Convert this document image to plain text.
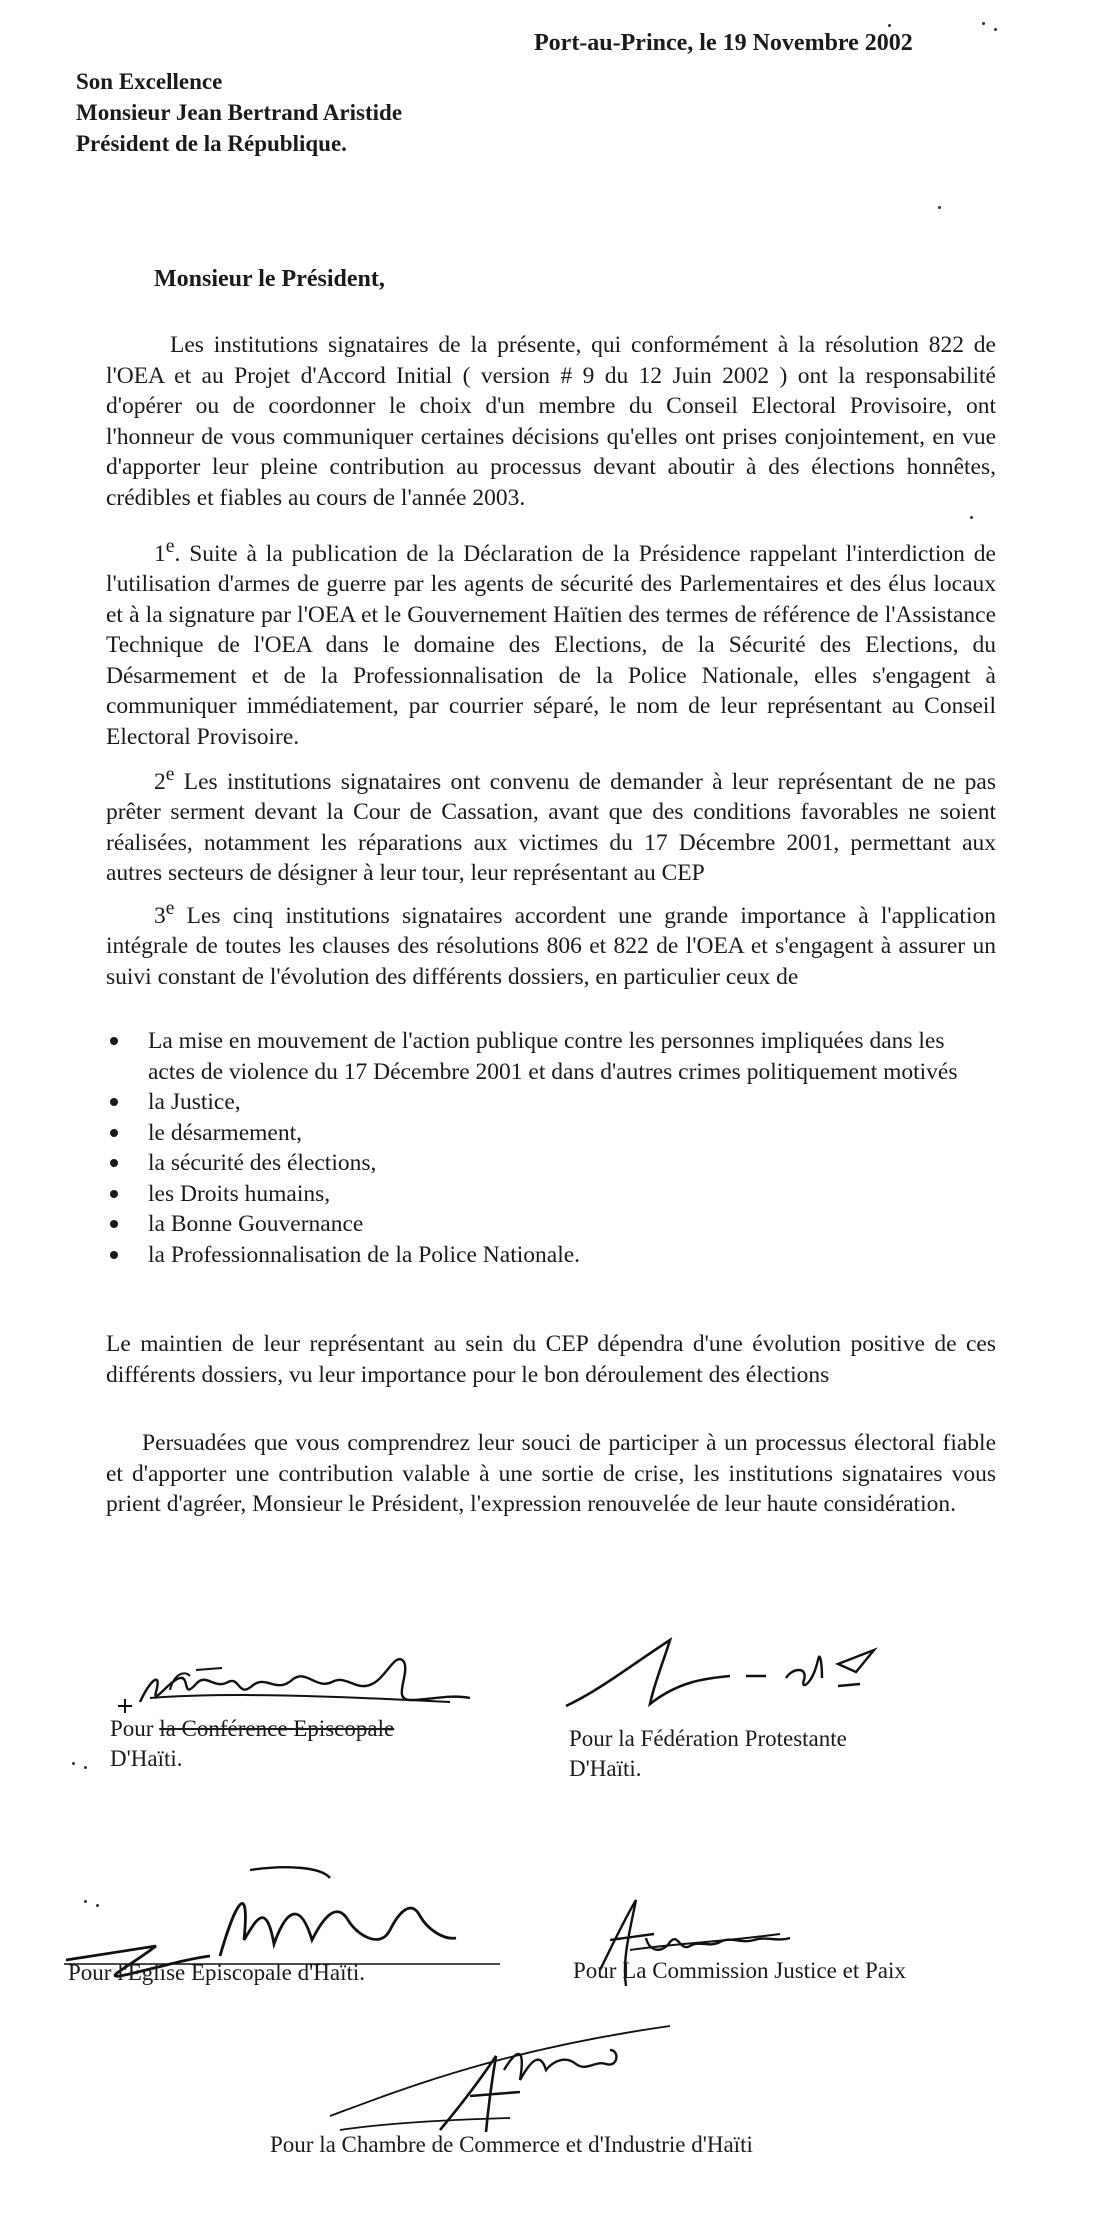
Port-au-Prince, le 19 Novembre 2002
Son Excellence
Monsieur Jean Bertrand Aristide
Président de la République.
Monsieur le Président,
Les institutions signataires de la présente, qui conformément à la résolution 822 de l'OEA et au Projet d'Accord Initial ( version # 9 du 12 Juin 2002 ) ont la responsabilité d'opérer ou de coordonner le choix d'un membre du Conseil Electoral Provisoire, ont l'honneur de vous communiquer certaines décisions qu'elles ont prises conjointement, en vue d'apporter leur pleine contribution au processus devant aboutir à des élections honnêtes, crédibles et fiables au cours de l'année 2003.
1e. Suite à la publication de la Déclaration de la Présidence rappelant l'interdiction de l'utilisation d'armes de guerre par les agents de sécurité des Parlementaires et des élus locaux et à la signature par l'OEA et le Gouvernement Haïtien des termes de référence de l'Assistance Technique de l'OEA dans le domaine des Elections, de la Sécurité des Elections, du Désarmement et de la Professionnalisation de la Police Nationale, elles s'engagent à communiquer immédiatement, par courrier séparé, le nom de leur représentant au Conseil Electoral Provisoire.
2e Les institutions signataires ont convenu de demander à leur représentant de ne pas prêter serment devant la Cour de Cassation, avant que des conditions favorables ne soient réalisées, notamment les réparations aux victimes du 17 Décembre 2001, permettant aux autres secteurs de désigner à leur tour, leur représentant au CEP
3e Les cinq institutions signataires accordent une grande importance à l'application intégrale de toutes les clauses des résolutions 806 et 822 de l'OEA et s'engagent à assurer un suivi constant de l'évolution des différents dossiers, en particulier ceux de
La mise en mouvement de l'action publique contre les personnes impliquées dans les actes de violence du 17 Décembre 2001 et dans d'autres crimes politiquement motivés
la Justice,
le désarmement,
la sécurité des élections,
les Droits humains,
la Bonne Gouvernance
la Professionnalisation de la Police Nationale.
Le maintien de leur représentant au sein du CEP dépendra d'une évolution positive de ces différents dossiers, vu leur importance pour le bon déroulement des élections
Persuadées que vous comprendrez leur souci de participer à un processus électoral fiable et d'apporter une contribution valable à une sortie de crise, les institutions signataires vous prient d'agréer, Monsieur le Président, l'expression renouvelée de leur haute considération.
Pour la Conférence Episcopale
D'Haïti.
Pour la Fédération Protestante
D'Haïti.
Pour l'Eglise Episcopale d'Haïti.	Pour La Commission Justice et Paix
Pour la Chambre de Commerce et d'Industrie d'Haïti
